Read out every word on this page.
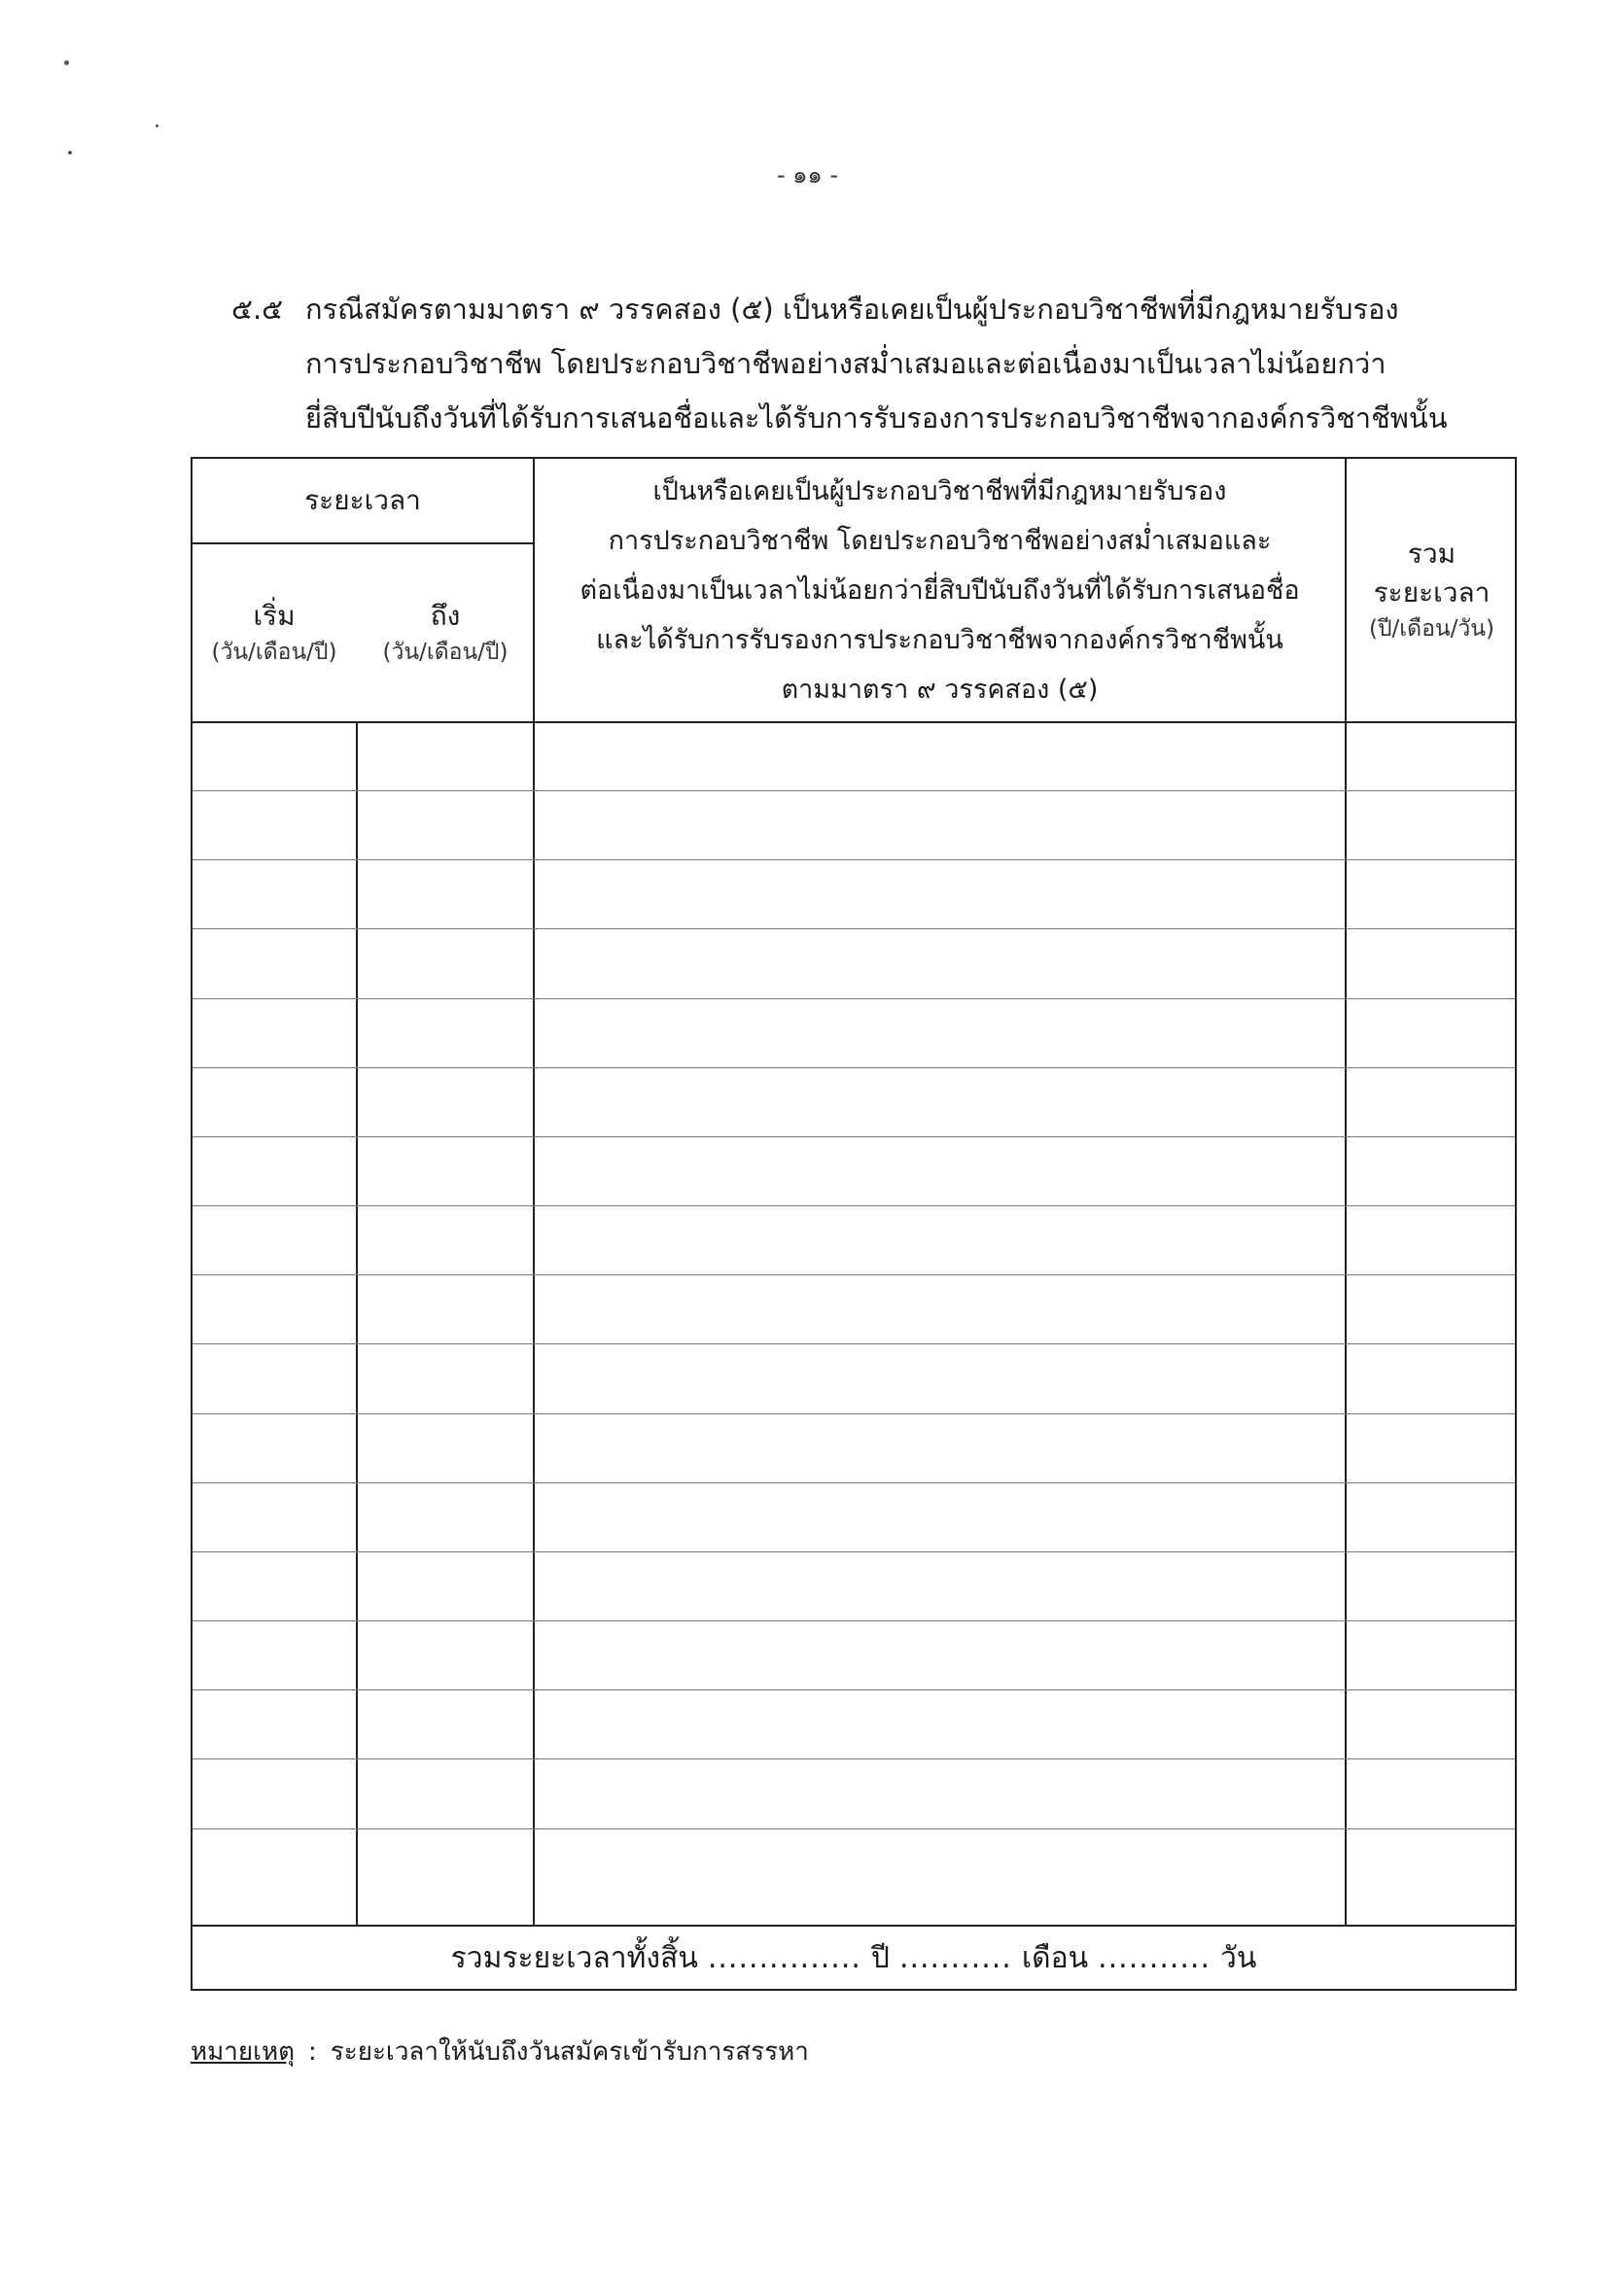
- ๑๑ -
๕.๕ กรณีสมัครตามมาตรา ๙ วรรคสอง (๕) เป็นหรือเคยเป็นผู้ประกอบวิชาชีพที่มีกฎหมายรับรอง
การประกอบวิชาชีพ โดยประกอบวิชาชีพอย่างสม่ำเสมอและต่อเนื่องมาเป็นเวลาไม่น้อยกว่า
ยี่สิบปีนับถึงวันที่ได้รับการเสนอชื่อและได้รับการรับรองการประกอบวิชาชีพจากองค์กรวิชาชีพนั้น
ระยะเวลา
เริ่ม
(วัน/เดือน/ปี)
ถึง
(วัน/เดือน/ปี)
เป็นหรือเคยเป็นผู้ประกอบวิชาชีพที่มีกฎหมายรับรอง
การประกอบวิชาชีพ โดยประกอบวิชาชีพอย่างสม่ำเสมอและ
ต่อเนื่องมาเป็นเวลาไม่น้อยกว่ายี่สิบปีนับถึงวันที่ได้รับการเสนอชื่อ
และได้รับการรับรองการประกอบวิชาชีพจากองค์กรวิชาชีพนั้น
ตามมาตรา ๙ วรรคสอง (๕)
รวม
ระยะเวลา
(ปี/เดือน/วัน)
รวมระยะเวลาทั้งสิ้น ............... ปี ........... เดือน ........... วัน
หมายเหตุ : ระยะเวลาให้นับถึงวันสมัครเข้ารับการสรรหา
